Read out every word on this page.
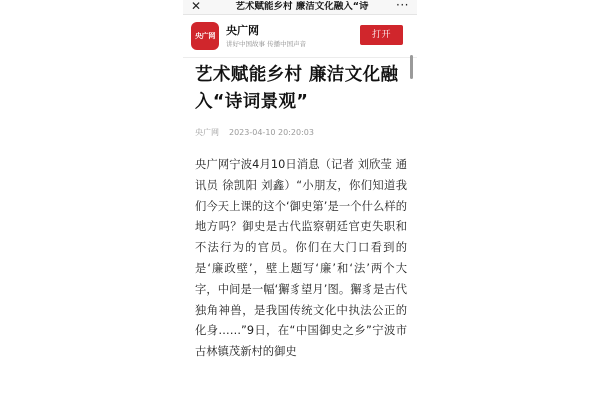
✕	艺术赋能乡村 廉洁文化融入“诗	···
央广网 央广网
讲好中国故事 传播中国声音
打开
艺术赋能乡村 廉洁文化融入“诗词景观”
央广网 2023-04-10 20:20:03
央广网宁波4月10日消息（记者 刘欣莹 通讯员 徐凯阳 刘鑫）“小朋友，你们知道我们今天上课的这个‘御史第’是一个什么样的地方吗？御史是古代监察朝廷官吏失职和不法行为的官员。你们在大门口看到的是‘廉政壁’，壁上题写‘廉’和‘法’两个大字，中间是一幅‘獬豸望月’图。獬豸是古代独角神兽，是我国传统文化中执法公正的化身……”9日，在“中国御史之乡”宁波市古林镇茂新村的御史
